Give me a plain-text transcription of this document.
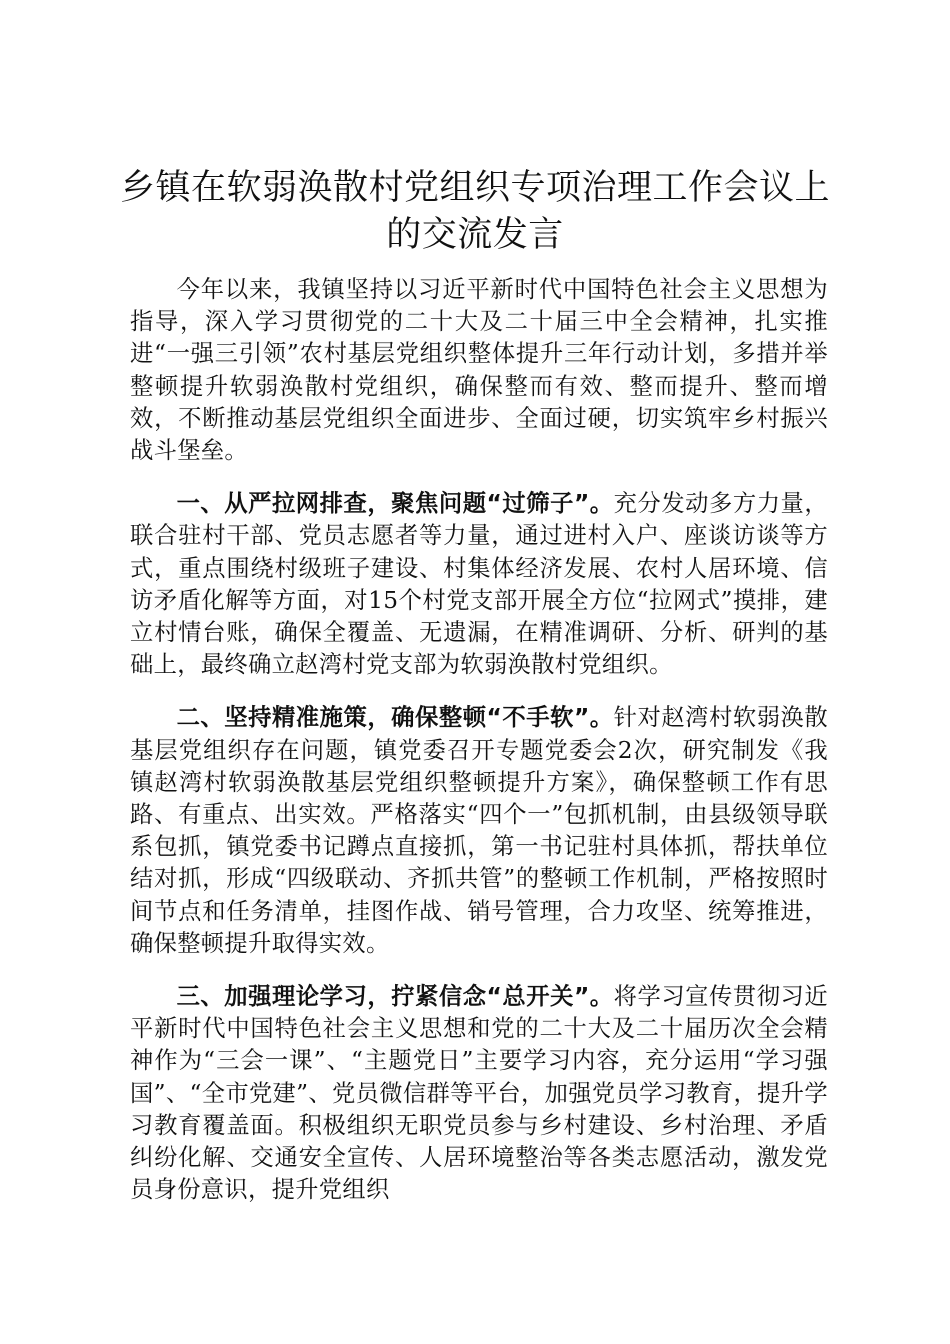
乡镇在软弱涣散村党组织专项治理工作会议上的交流发言

今年以来，我镇坚持以习近平新时代中国特色社会主义思想为指导，深入学习贯彻党的二十大及二十届三中全会精神，扎实推进“一强三引领”农村基层党组织整体提升三年行动计划，多措并举整顿提升软弱涣散村党组织，确保整而有效、整而提升、整而增效，不断推动基层党组织全面进步、全面过硬，切实筑牢乡村振兴战斗堡垒。

一、从严拉网排查，聚焦问题“过筛子”。充分发动多方力量，联合驻村干部、党员志愿者等力量，通过进村入户、座谈访谈等方式，重点围绕村级班子建设、村集体经济发展、农村人居环境、信访矛盾化解等方面，对15个村党支部开展全方位“拉网式”摸排，建立村情台账，确保全覆盖、无遗漏，在精准调研、分析、研判的基础上，最终确立赵湾村党支部为软弱涣散村党组织。

二、坚持精准施策，确保整顿“不手软”。针对赵湾村软弱涣散基层党组织存在问题，镇党委召开专题党委会2次，研究制发《我镇赵湾村软弱涣散基层党组织整顿提升方案》，确保整顿工作有思路、有重点、出实效。严格落实“四个一”包抓机制，由县级领导联系包抓，镇党委书记蹲点直接抓，第一书记驻村具体抓，帮扶单位结对抓，形成“四级联动、齐抓共管”的整顿工作机制，严格按照时间节点和任务清单，挂图作战、销号管理，合力攻坚、统筹推进，确保整顿提升取得实效。

三、加强理论学习，拧紧信念“总开关”。将学习宣传贯彻习近平新时代中国特色社会主义思想和党的二十大及二十届历次全会精神作为“三会一课”、“主题党日”主要学习内容，充分运用“学习强国”、“全市党建”、党员微信群等平台，加强党员学习教育，提升学习教育覆盖面。积极组织无职党员参与乡村建设、乡村治理、矛盾纠纷化解、交通安全宣传、人居环境整治等各类志愿活动，激发党员身份意识，提升党组织
